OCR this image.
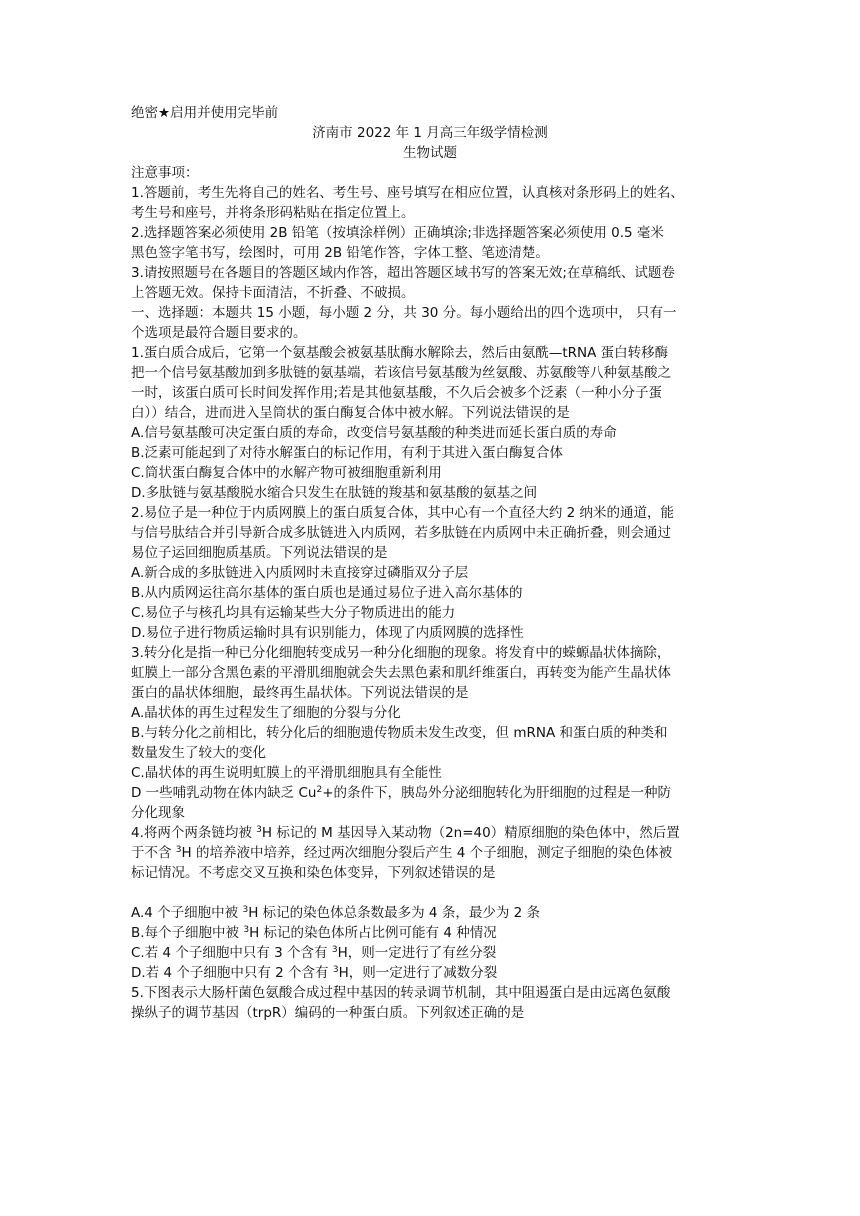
绝密★启用并使用完毕前
济南市 2022 年 1 月高三年级学情检测
生物试题
注意事项：
1.答题前，考生先将自己的姓名、考生号、座号填写在相应位置，认真核对条形码上的姓名、
考生号和座号，并将条形码粘贴在指定位置上。
2.选择题答案必须使用 2B 铅笔（按填涂样例）正确填涂;非选择题答案必须使用 0.5 毫米
黑色签字笔书写，绘图时，可用 2B 铅笔作答，字体工整、笔迹清楚。
3.请按照题号在各题目的答题区域内作答，超出答题区域书写的答案无效;在草稿纸、试题卷
上答题无效。保持卡面清洁，不折叠、不破损。
一、选择题：本题共 15 小题，每小题 2 分，共 30 分。每小题给出的四个选项中， 只有一
个选项是最符合题目要求的。
1.蛋白质合成后，它第一个氨基酸会被氨基肽酶水解除去，然后由氨酰—tRNA 蛋白转移酶
把一个信号氨基酸加到多肽链的氨基端，若该信号氨基酸为丝氨酸、苏氨酸等八种氨基酸之
一时，该蛋白质可长时间发挥作用;若是其他氨基酸，不久后会被多个泛素（一种小分子蛋
白））结合，进而进入呈筒状的蛋白酶复合体中被水解。下列说法错误的是
A.信号氨基酸可决定蛋白质的寿命，改变信号氨基酸的种类进而延长蛋白质的寿命
B.泛素可能起到了对待水解蛋白的标记作用，有利于其进入蛋白酶复合体
C.筒状蛋白酶复合体中的水解产物可被细胞重新利用
D.多肽链与氨基酸脱水缩合只发生在肽链的羧基和氨基酸的氨基之间
2.易位子是一种位于内质网膜上的蛋白质复合体，其中心有一个直径大约 2 纳米的通道，能
与信号肽结合并引导新合成多肽链进入内质网，若多肽链在内质网中未正确折叠，则会通过
易位子运回细胞质基质。下列说法错误的是
A.新合成的多肽链进入内质网时未直接穿过磷脂双分子层
B.从内质网运往高尔基体的蛋白质也是通过易位子进入高尔基体的
C.易位子与核孔均具有运输某些大分子物质进出的能力
D.易位子进行物质运输时具有识别能力，体现了内质网膜的选择性
3.转分化是指一种已分化细胞转变成另一种分化细胞的现象。将发育中的蝾螈晶状体摘除，
虹膜上一部分含黑色素的平滑肌细胞就会失去黑色素和肌纤维蛋白，再转变为能产生晶状体
蛋白的晶状体细胞，最终再生晶状体。下列说法错误的是
A.晶状体的再生过程发生了细胞的分裂与分化
B.与转分化之前相比，转分化后的细胞遗传物质未发生改变，但 mRNA 和蛋白质的种类和
数量发生了较大的变化
C.晶状体的再生说明虹膜上的平滑肌细胞具有全能性
D 一些哺乳动物在体内缺乏 $Cu^2+$的条件下，胰岛外分泌细胞转化为肝细胞的过程是一种防
分化现象
4.将两个两条链均被 $^3$H 标记的 M 基因导入某动物（2n=40）精原细胞的染色体中，然后置
于不含 $^3$H 的培养液中培养，经过两次细胞分裂后产生 4 个子细胞，测定子细胞的染色体被
标记情况。不考虑交叉互换和染色体变异，下列叙述错误的是
A.4 个子细胞中被 $^3$H 标记的染色体总条数最多为 4 条，最少为 2 条
B.每个子细胞中被 $^3$H 标记的染色体所占比例可能有 4 种情况
C.若 4 个子细胞中只有 3 个含有 $^3$H，则一定进行了有丝分裂
D.若 4 个子细胞中只有 2 个含有 $^3$H，则一定进行了减数分裂
5.下图表示大肠杆菌色氨酸合成过程中基因的转录调节机制，其中阻遏蛋白是由远离色氨酸
操纵子的调节基因（trpR）编码的一种蛋白质。下列叙述正确的是
